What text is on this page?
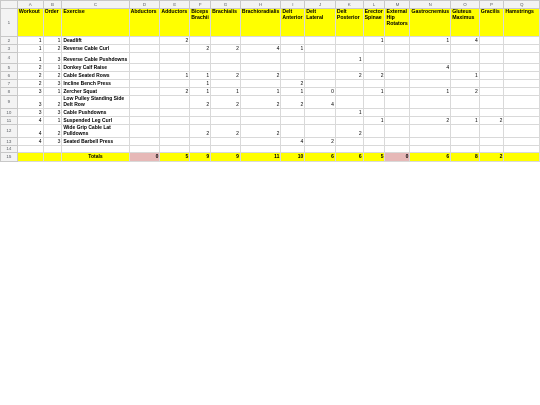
	A	B	C	D	E	F	G	H	I	J	K	L	M	N	O	P	Q
1	Workout	Order	Exercise	Abductors	Adductors	Biceps Brachii	Brachialis	Brachioradialis	Delt Anterior	Delt Lateral	Delt Posterior	Erector Spinae	External Hip Rotators	Gastrocnemius	Gluteus Maximus	Gracilis	Hamstrings
2	1	1	Deadlift		2							1		1	4		
3	1	2	Reverse Cable Curl			2	2	4	1								
4	1	3	Reverse Cable Pushdowns								1						
5	2	1	Donkey Calf Raise											4			
6	2	2	Cable Seated Rows		1	1	2	2			2	2			1		
7	2	3	Incline Bench Press			1			2								
8	3	1	Zercher Squat		2	1	1	1	1	0		1		1	2		
9	3	2	Low Pulley Standing Side Delt Row			2	2	2	2	4							
10	3	3	Cable Pushdowns								1						
11	4	1	Suspended Leg Curl									1		2	1	2	
12	4	2	Wide Grip Cable Lat Pulldowns			2	2	2			2						
13	4	3	Seated Barbell Press						4	2							
14																	
15			Totals	0	5	9	9	11	10	6	6	5	0	6	8	2	
